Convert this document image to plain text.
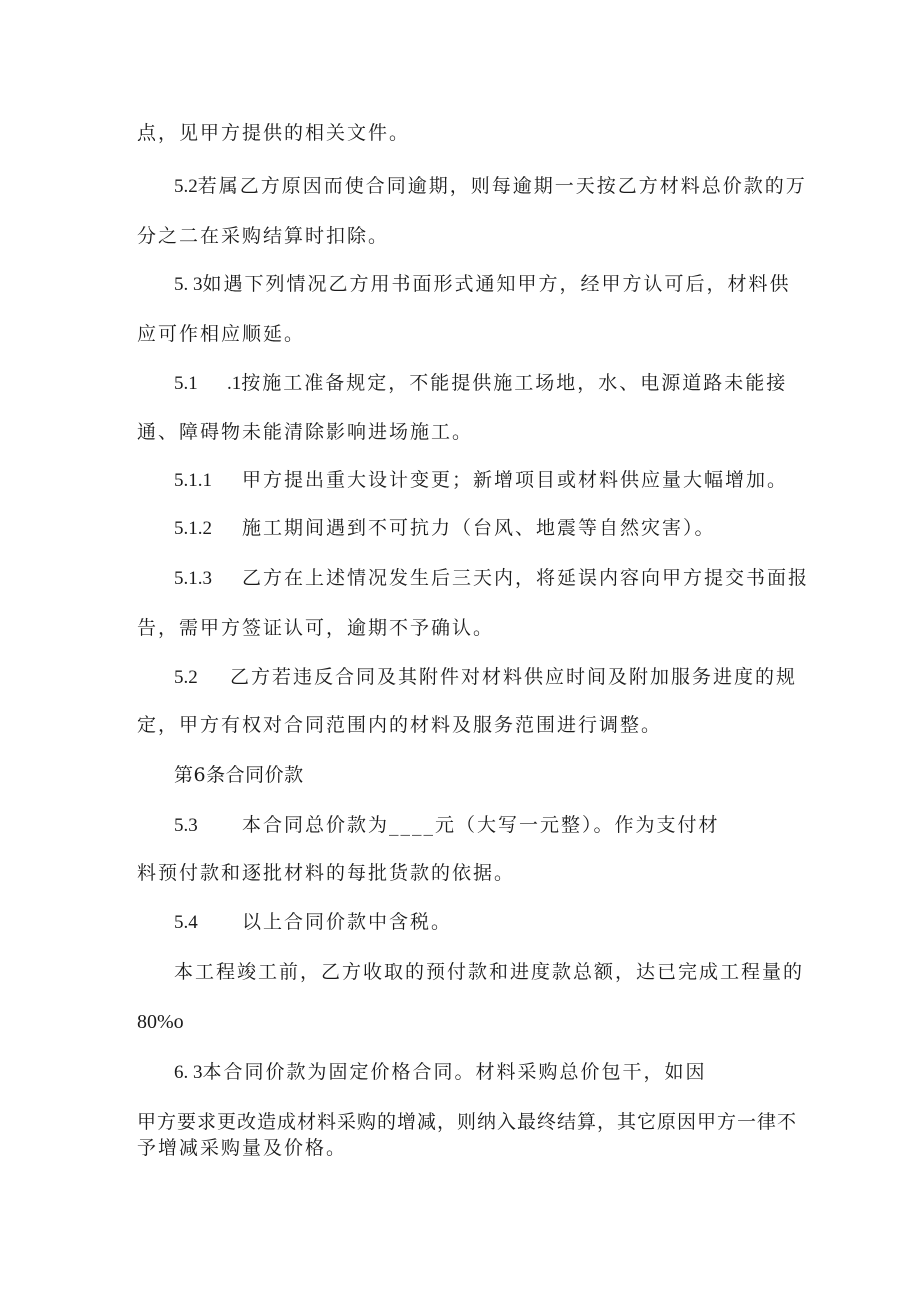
点，见甲方提供的相关文件。
5.2若属乙方原因而使合同逾期，则每逾期一天按乙方材料总价款的万
分之二在采购结算时扣除。
5. 3如遇下列情况乙方用书面形式通知甲方，经甲方认可后，材料供
应可作相应顺延。
5.1 .1按施工准备规定，不能提供施工场地，水、电源道路未能接
通、障碍物未能清除影响进场施工。
5.1.1 甲方提出重大设计变更；新增项目或材料供应量大幅增加。
5.1.2 施工期间遇到不可抗力（台风、地震等自然灾害）。
5.1.3 乙方在上述情况发生后三天内，将延误内容向甲方提交书面报
告，需甲方签证认可，逾期不予确认。
5.2 乙方若违反合同及其附件对材料供应时间及附加服务进度的规
定，甲方有权对合同范围内的材料及服务范围进行调整。
第6条合同价款
5.3 本合同总价款为____元（大写一元整）。作为支付材
料预付款和逐批材料的每批货款的依据。
5.4 以上合同价款中含税。
本工程竣工前，乙方收取的预付款和进度款总额，达已完成工程量的
80%o
6. 3本合同价款为固定价格合同。材料采购总价包干，如因
甲方要求更改造成材料采购的增减，则纳入最终结算，其它原因甲方一律不
予增减采购量及价格。
